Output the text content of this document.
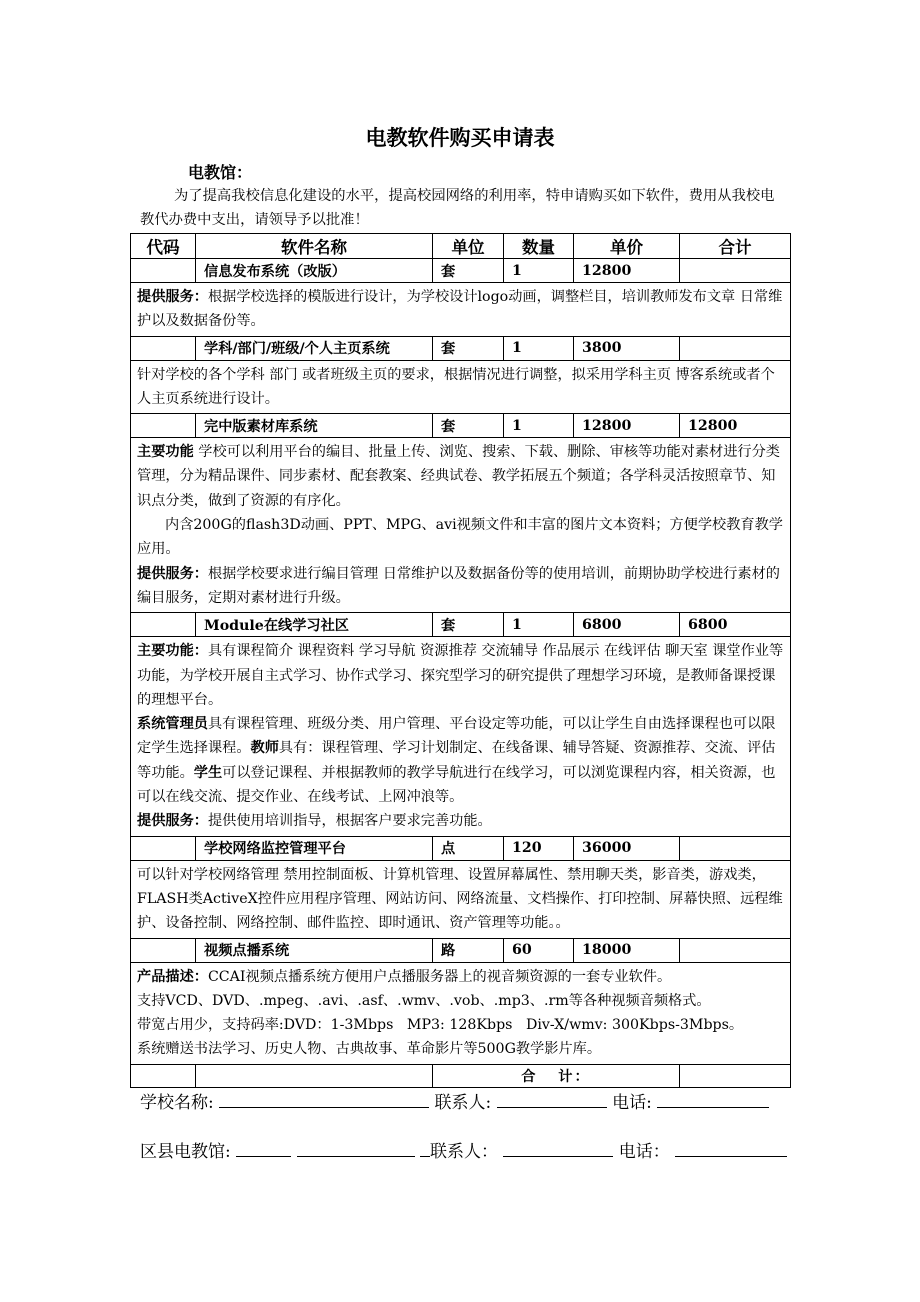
电教软件购买申请表
电教馆：
为了提高我校信息化建设的水平，提高校园网络的利用率，特申请购买如下软件，费用从我校电教代办费中支出，请领导予以批准！
代码	软件名称	单位	数量	单价	合计
	信息发布系统（改版）	套	1	12800	

提供服务：根据学校选择的模版进行设计，为学校设计logo动画，调整栏目，培训教师发布文章 日常维护以及数据备份等。					

	学科/部门/班级/个人主页系统	套	1	3800	

针对学校的各个学科 部门 或者班级主页的要求，根据情况进行调整，拟采用学科主页 博客系统或者个人主页系统进行设计。					

	完中版素材库系统	套	1	12800	12800

主要功能 学校可以利用平台的编目、批量上传、浏览、搜索、下载、删除、审核等功能对素材进行分类管理，分为精品课件、同步素材、配套教案、经典试卷、教学拓展五个频道；各学科灵活按照章节、知识点分类，做到了资源的有序化。

内含200G的flash3D动画、PPT、MPG、avi视频文件和丰富的图片文本资料；方便学校教育教学应用。

提供服务：根据学校要求进行编目管理 日常维护以及数据备份等的使用培训，前期协助学校进行素材的编目服务，定期对素材进行升级。					

	Module在线学习社区	套	1	6800	6800

主要功能：具有课程简介 课程资料 学习导航 资源推荐 交流辅导 作品展示 在线评估 聊天室 课堂作业等功能，为学校开展自主式学习、协作式学习、探究型学习的研究提供了理想学习环境，是教师备课授课的理想平台。

系统管理员具有课程管理、班级分类、用户管理、平台设定等功能，可以让学生自由选择课程也可以限定学生选择课程。教师具有：课程管理、学习计划制定、在线备课、辅导答疑、资源推荐、交流、评估等功能。学生可以登记课程、并根据教师的教学导航进行在线学习，可以浏览课程内容，相关资源，也可以在线交流、提交作业、在线考试、上网冲浪等。

提供服务：提供使用培训指导，根据客户要求完善功能。					

	学校网络监控管理平台	点	120	36000	

可以针对学校网络管理 禁用控制面板、计算机管理、设置屏幕属性、禁用聊天类，影音类，游戏类，FLASH类ActiveX控件应用程序管理、网站访问、网络流量、文档操作、打印控制、屏幕快照、远程维护、设备控制、网络控制、邮件监控、即时通讯、资产管理等功能。。					

	视频点播系统	路	60	18000	

产品描述：CCAI视频点播系统方便用户点播服务器上的视音频资源的一套专业软件。

支持VCD、DVD、.mpeg、.avi、.asf、.wmv、.vob、.mp3、.rm等各种视频音频格式。

带宽占用少，支持码率:DVD：1-3Mbps   MP3: 128Kbps   Div-X/wmv: 300Kbps-3Mbps。

系统赠送书法学习、历史人物、古典故事、革命影片等500G教学影片库。					

		合   计：			
学校名称:	联系人:	电话:
区县电教馆:	联系人：	电话：
